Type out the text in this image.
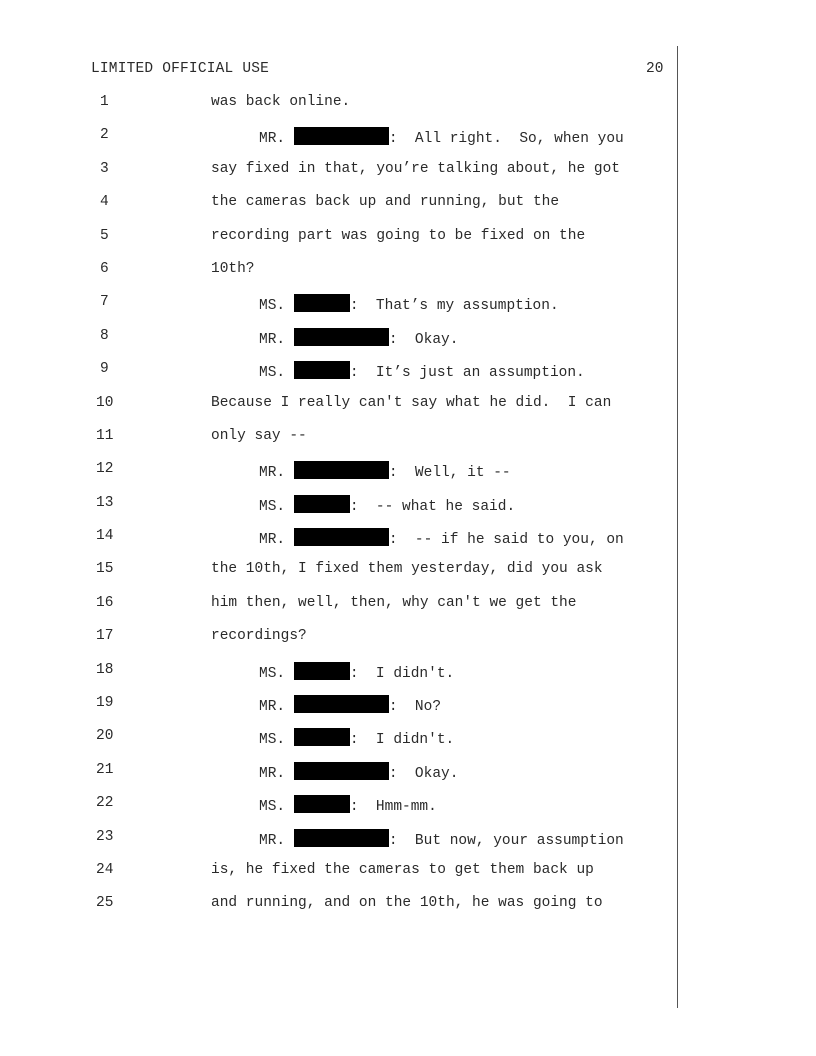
LIMITED OFFICIAL USE	20
1	was back online.
2	MR.	:  All right.  So, when you
3	say fixed in that, you’re talking about, he got
4	the cameras back up and running, but the
5	recording part was going to be fixed on the
6	10th?
7	MS.	:  That’s my assumption.
8	MR.	:  Okay.
9	MS.	:  It’s just an assumption.
10	Because I really can't say what he did.  I can
11	only say --
12	MR.	:  Well, it --
13	MS.	:  -- what he said.
14	MR.	:  -- if he said to you, on
15	the 10th, I fixed them yesterday, did you ask
16	him then, well, then, why can't we get the
17	recordings?
18	MS.	:  I didn't.
19	MR.	:  No?
20	MS.	:  I didn't.
21	MR.	:  Okay.
22	MS.	:  Hmm-mm.
23	MR.	:  But now, your assumption
24	is, he fixed the cameras to get them back up
25	and running, and on the 10th, he was going to
